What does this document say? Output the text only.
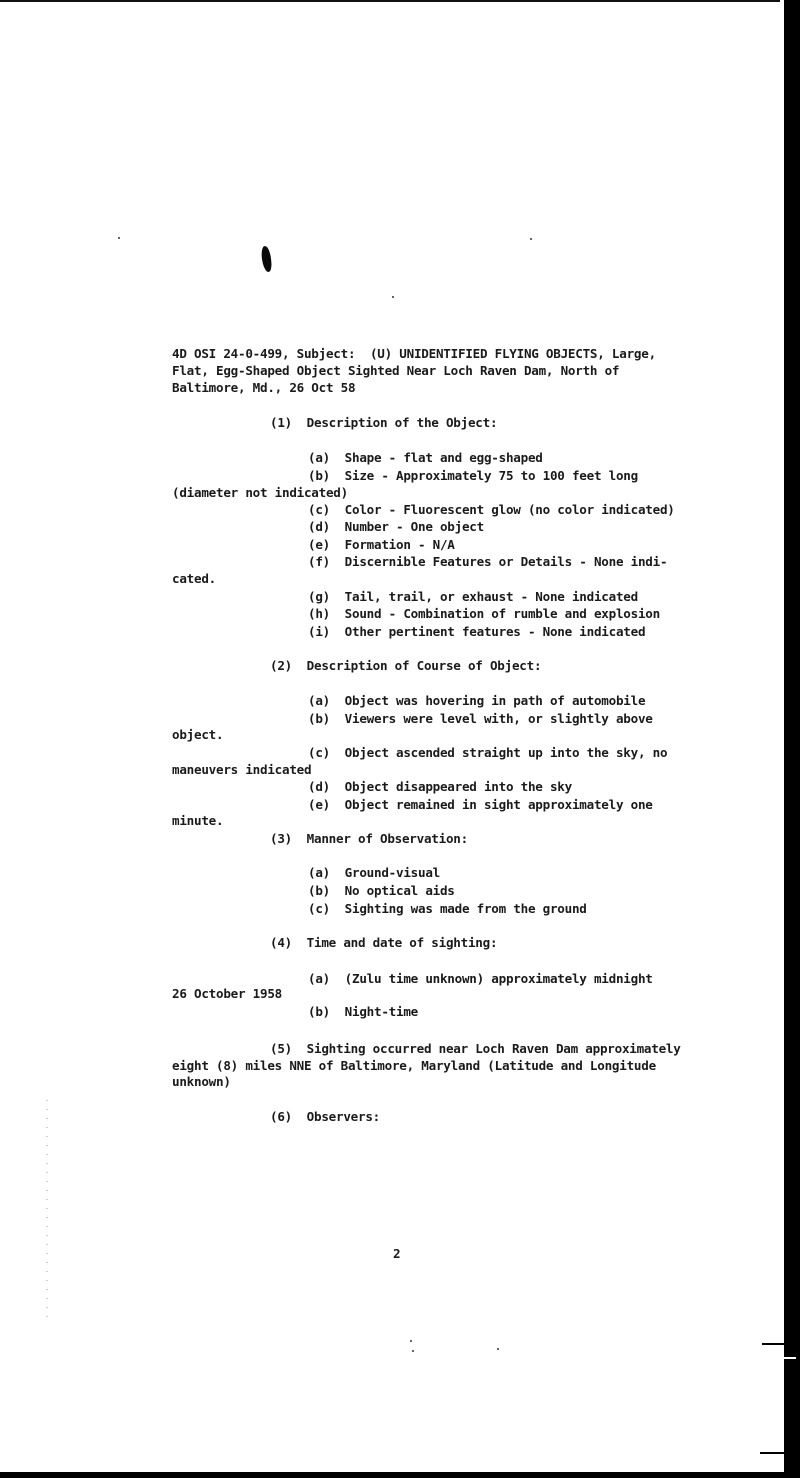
4D OSI 24-0-499, Subject:  (U) UNIDENTIFIED FLYING OBJECTS, Large,
Flat, Egg-Shaped Object Sighted Near Loch Raven Dam, North of
Baltimore, Md., 26 Oct 58
(1)  Description of the Object:
(a)  Shape - flat and egg-shaped
(b)  Size - Approximately 75 to 100 feet long
(diameter not indicated)
(c)  Color - Fluorescent glow (no color indicated)
(d)  Number - One object
(e)  Formation - N/A
(f)  Discernible Features or Details - None indi-
cated.
(g)  Tail, trail, or exhaust - None indicated
(h)  Sound - Combination of rumble and explosion
(i)  Other pertinent features - None indicated
(2)  Description of Course of Object:
(a)  Object was hovering in path of automobile
(b)  Viewers were level with, or slightly above
object.
(c)  Object ascended straight up into the sky, no
maneuvers indicated
(d)  Object disappeared into the sky
(e)  Object remained in sight approximately one
minute.
(3)  Manner of Observation:
(a)  Ground-visual
(b)  No optical aids
(c)  Sighting was made from the ground
(4)  Time and date of sighting:
(a)  (Zulu time unknown) approximately midnight
26 October 1958
(b)  Night-time
(5)  Sighting occurred near Loch Raven Dam approximately
eight (8) miles NNE of Baltimore, Maryland (Latitude and Longitude
unknown)
(6)  Observers:
2
